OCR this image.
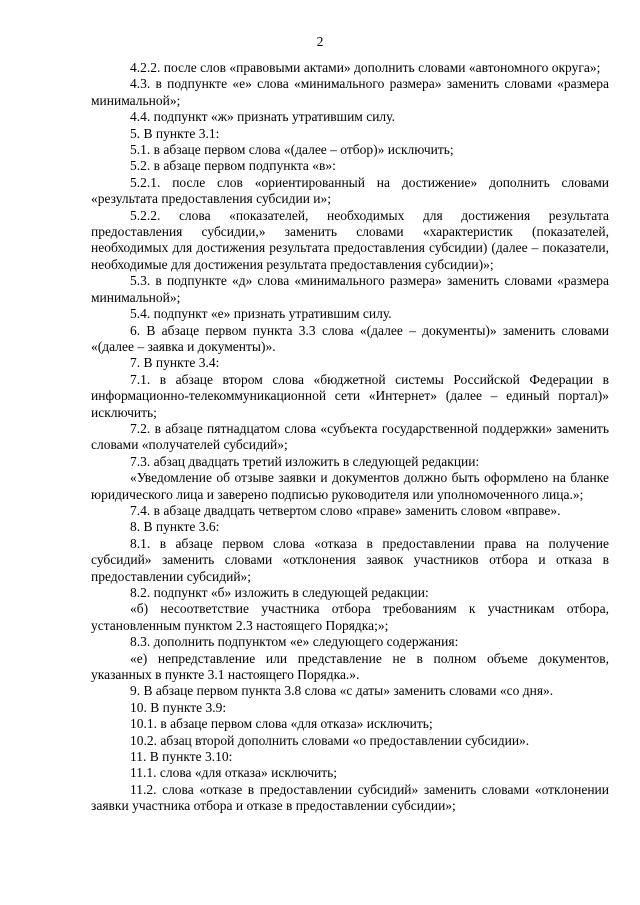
2

4.2.2. после слов «правовыми актами» дополнить словами «автономного округа»;

4.3. в подпункте «е» слова «минимального размера» заменить словами «размера минимальной»;

4.4. подпункт «ж» признать утратившим силу.

5. В пункте 3.1:

5.1. в абзаце первом слова «(далее – отбор)» исключить;

5.2. в абзаце первом подпункта «в»:

5.2.1. после слов «ориентированный на достижение» дополнить словами «результата предоставления субсидии и»;

5.2.2. слова «показателей, необходимых для достижения результата предоставления субсидии,» заменить словами «характеристик (показателей, необходимых для достижения результата предоставления субсидии) (далее – показатели, необходимые для достижения результата предоставления субсидии)»;

5.3. в подпункте «д» слова «минимального размера» заменить словами «размера минимальной»;

5.4. подпункт «е» признать утратившим силу.

6. В абзаце первом пункта 3.3 слова «(далее – документы)» заменить словами «(далее – заявка и документы)».

7. В пункте 3.4:

7.1. в абзаце втором слова «бюджетной системы Российской Федерации в информационно-телекоммуникационной сети «Интернет» (далее – единый портал)» исключить;

7.2. в абзаце пятнадцатом слова «субъекта государственной поддержки» заменить словами «получателей субсидий»;

7.3. абзац двадцать третий изложить в следующей редакции:

«Уведомление об отзыве заявки и документов должно быть оформлено на бланке юридического лица и заверено подписью руководителя или уполномоченного лица.»;

7.4. в абзаце двадцать четвертом слово «праве» заменить словом «вправе».

8. В пункте 3.6:

8.1. в абзаце первом слова «отказа в предоставлении права на получение субсидий» заменить словами «отклонения заявок участников отбора и отказа в предоставлении субсидий»;

8.2. подпункт «б» изложить в следующей редакции:

«б) несоответствие участника отбора требованиям к участникам отбора, установленным пунктом 2.3 настоящего Порядка;»;

8.3. дополнить подпунктом «е» следующего содержания:

«е) непредставление или представление не в полном объеме документов, указанных в пункте 3.1 настоящего Порядка.».

9. В абзаце первом пункта 3.8 слова «с даты» заменить словами «со дня».

10. В пункте 3.9:

10.1. в абзаце первом слова «для отказа» исключить;

10.2. абзац второй дополнить словами «о предоставлении субсидии».

11. В пункте 3.10:

11.1. слова «для отказа» исключить;

11.2. слова «отказе в предоставлении субсидий» заменить словами «отклонении заявки участника отбора и отказе в предоставлении субсидии»;
